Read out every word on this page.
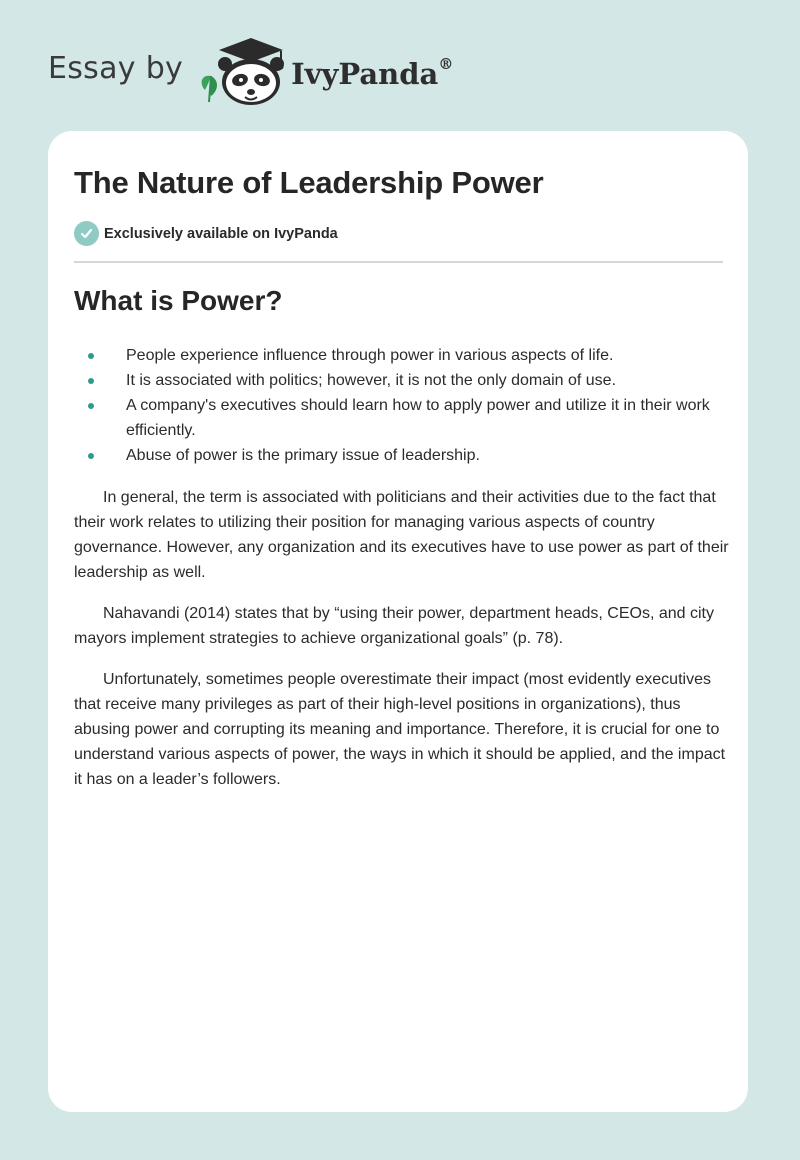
Essay by	IvyPanda®
The Nature of Leadership Power
Exclusively available on IvyPanda
What is Power?
People experience influence through power in various aspects of life.
It is associated with politics; however, it is not the only domain of use.
A company's executives should learn how to apply power and utilize it in their work efficiently.
Abuse of power is the primary issue of leadership.

In general, the term is associated with politicians and their activities due to the fact that their work relates to utilizing their position for managing various aspects of country governance. However, any organization and its executives have to use power as part of their leadership as well.

Nahavandi (2014) states that by “using their power, department heads, CEOs, and city mayors implement strategies to achieve organizational goals” (p. 78).

Unfortunately, sometimes people overestimate their impact (most evidently executives that receive many privileges as part of their high-level positions in organizations), thus abusing power and corrupting its meaning and importance. Therefore, it is crucial for one to understand various aspects of power, the ways in which it should be applied, and the impact it has on a leader’s followers.
